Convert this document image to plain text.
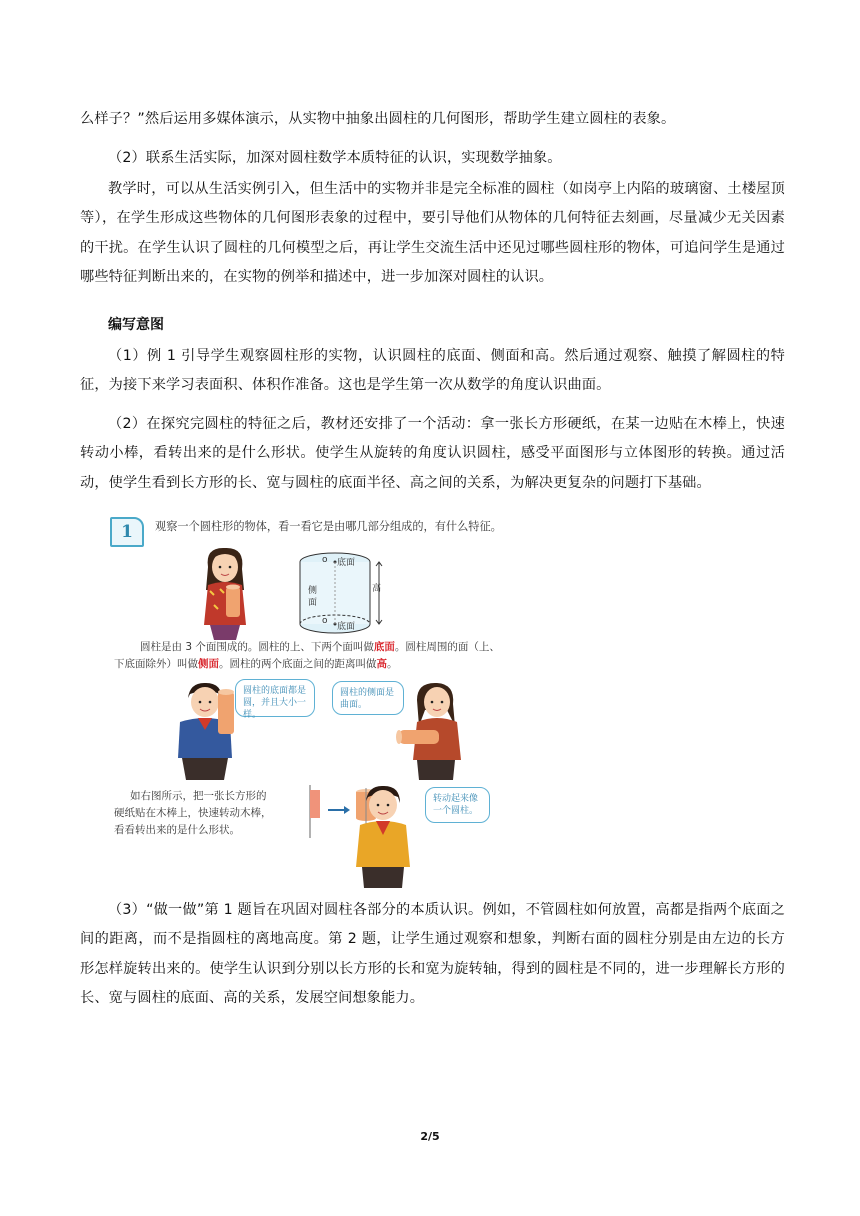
么样子？”然后运用多媒体演示，从实物中抽象出圆柱的几何图形，帮助学生建立圆柱的表象。

（2）联系生活实际，加深对圆柱数学本质特征的认识，实现数学抽象。

教学时，可以从生活实例引入，但生活中的实物并非是完全标准的圆柱（如岗亭上内陷的玻璃窗、土楼屋顶等），在学生形成这些物体的几何图形表象的过程中，要引导他们从物体的几何特征去刻画，尽量减少无关因素的干扰。在学生认识了圆柱的几何模型之后，再让学生交流生活中还见过哪些圆柱形的物体，可追问学生是通过哪些特征判断出来的，在实物的例举和描述中，进一步加深对圆柱的认识。

编写意图

（1）例 1 引导学生观察圆柱形的实物，认识圆柱的底面、侧面和高。然后通过观察、触摸了解圆柱的特征，为接下来学习表面积、体积作准备。这也是学生第一次从数学的角度认识曲面。

（2）在探究完圆柱的特征之后，教材还安排了一个活动：拿一张长方形硬纸，在某一边贴在木棒上，快速转动小棒，看转出来的是什么形状。使学生从旋转的角度认识圆柱，感受平面图形与立体图形的转换。通过活动，使学生看到长方形的长、宽与圆柱的底面半径、高之间的关系，为解决更复杂的问题打下基础。

1	观察一个圆柱形的物体，看一看它是由哪几部分组成的，有什么特征。
o 底面
侧
面
o
底面
高
圆柱是由 3 个面围成的。圆柱的上、下两个面叫做底面。圆柱周围的面（上、
下底面除外）叫做侧面。圆柱的两个底面之间的距离叫做高。
圆柱的底面都是圆，并且大小一样。
圆柱的侧面是曲面。
如右图所示，把一张长方形的
硬纸贴在木棒上，快速转动木棒，
看看转出来的是什么形状。
转动起来像一个圆柱。

（3）“做一做”第 1 题旨在巩固对圆柱各部分的本质认识。例如，不管圆柱如何放置，高都是指两个底面之间的距离，而不是指圆柱的离地高度。第 2 题，让学生通过观察和想象，判断右面的圆柱分别是由左边的长方形怎样旋转出来的。使学生认识到分别以长方形的长和宽为旋转轴，得到的圆柱是不同的，进一步理解长方形的长、宽与圆柱的底面、高的关系，发展空间想象能力。

2/5
